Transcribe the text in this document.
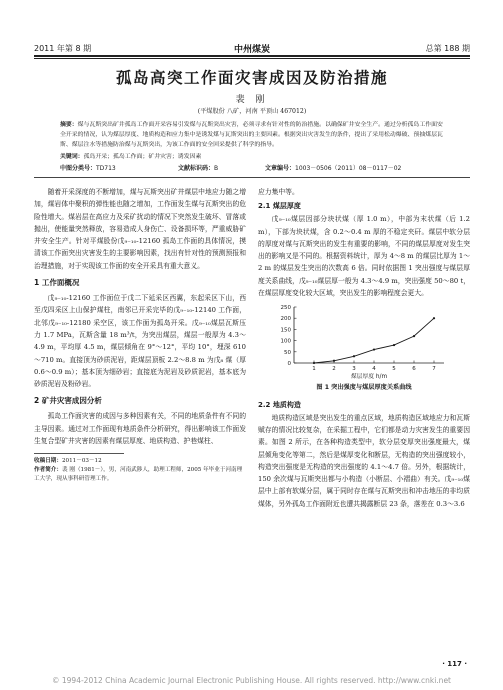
2011 年第 8 期	中州煤炭	总第 188 期
孤岛高突工作面灾害成因及防治措施
裴 刚
(平煤股份 八矿，河南 平顶山 467012)
摘要：煤与瓦斯突出矿井孤岛工作面开采容易引发煤与瓦斯突出灾害，必须寻求有针对性的防治措施。以确保矿井安全生产。通过分析孤岛工作面安全开采的情况，认为煤层厚度、地质构造和应力集中是诱发煤与瓦斯突出的主要因素。根据突出灾害发生的条件，提出了采用松动爆破、预抽煤层瓦斯、煤层注水等措施防治煤与瓦斯突出，为该工作面的安全回采提供了科学的指导。
关键词：孤岛开采；孤岛工作面；矿井灾害；诱发因素
中图分类号：TD713	文献标识码：B	文章编号：1003－0506（2011）08－0117－02

随着开采深度的不断增加，煤与瓦斯突出矿井煤层中地应力随之增加，煤岩体中聚积的弹性能也随之增加，工作面发生煤与瓦斯突出的危险性增大。煤岩层在高应力及采矿扰动的情况下突然发生破坏、冒落或抛出，使能量突然释放，容易造成人身伤亡、设备损坏等，严重威胁矿井安全生产。针对平煤股份戊₉₋₁₀-12160 孤岛工作面的具体情况，摸清该工作面突出灾害发生的主要影响因素，找出有针对性的预测预报和治理措施，对于实现该工作面的安全开采具有重大意义。

1 工作面概况

戊₉₋₁₀-12160 工作面位于戊二下延采区西翼，东起采区下山，西至戊四采区上山保护煤柱，南邻已开采完毕的戊₉₋₁₀-12140 工作面，北邻戊₉₋₁₀-12180 采空区，该工作面为孤岛开采。戊₉₋₁₀煤层瓦斯压力 1.7 MPa，瓦斯含量 18 m³/t，为突出煤层，煤层一般厚为 4.3～4.9 m，平均厚 4.5 m，煤层倾角在 9°～12°，平均 10°，埋深 610～710 m。直接顶为砂质泥岩，距煤层顶板 2.2～8.8 m 为戊₈ 煤（厚 0.6～0.9 m）；基本顶为细砂岩；直接底为泥岩及砂质泥岩，基本底为砂质泥岩及粉砂岩。

2 矿井灾害成因分析

孤岛工作面灾害的成因与多种因素有关，不同的地质条件有不同的主导因素。通过对工作面现有地质条件分析研究，得出影响该工作面发生复合型矿井灾害的因素有煤层厚度、地质构造、护巷煤柱、

收稿日期：2011－03－12
作者简介：裴 刚（1981－），男，河南武陟人，助理工程师，2005 年毕业于河南理工大学，现从事科研管理工作。

应力集中等。

2.1 煤层厚度

戊₉₋₁₀煤层因部分块状煤（厚 1.0 m），中部为末状煤（后 1.2 m），下部为块状煤，含 0.2～0.4 m 厚的不稳定夹矸。煤层中软分层的厚度对煤与瓦斯突出的发生有重要的影响，不同的煤层厚度对发生突出的影响又是不同的。根据资料统计，厚为 4～8 m 的煤层比厚为 1～2 m 的煤层发生突出的次数高 6 倍。同时依据图 1 突出强度与煤层厚度关系曲线，戊₉₋₁₀煤层厚一般为 4.3～4.9 m，突出强度 50～80 t，在煤层厚度变化较大区域，突出发生的影响程度会更大。

0
50
100
150
200
250
1	2	3	4	5	6	7
煤层厚度 h/m
图 1 突出强度与煤层厚度关系曲线
2.2 地质构造

地质构造区域是突出发生的重点区域，地质构造区域地应力和瓦斯赋存的情况比较复杂，在采掘工程中，它们都是动力灾害发生的重要因素。如图 2 所示，在各种构造类型中，软分层变厚突出强度最大，煤层倾角变化等第二，然后是煤厚变化和断层，无构造的突出强度较小，构造突出强度是无构造的突出强度的 4.1～4.7 倍。另外，根据统计，150 余次煤与瓦斯突出都与小构造（小断层、小褶曲）有关。戊₉₋₁₀煤层中上部有软煤分层，属于同时存在煤与瓦斯突出和冲击地压的非均质煤体，另外孤岛工作面附近也遭共揭露断层 23 条，落差在 0.3～3.6

· 117 ·
© 1994-2012 China Academic Journal Electronic Publishing House. All rights reserved. http://www.cnki.net
